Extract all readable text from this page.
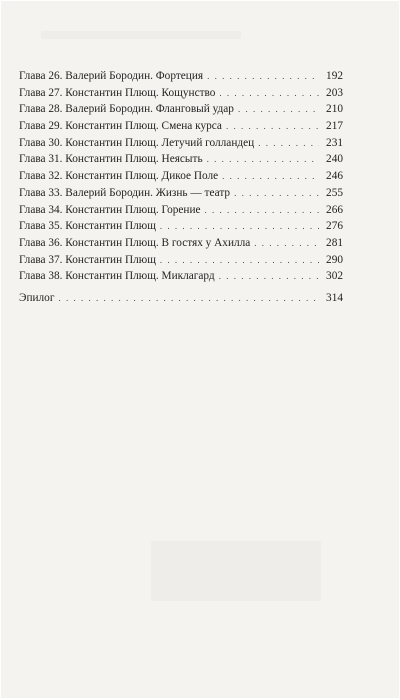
Глава 26. Валерий Бородин. Фортеция . . .	192
Глава 27. Константин Плющ. Кощунство . . .	203
Глава 28. Валерий Бородин. Фланговый удар . . .	210
Глава 29. Константин Плющ. Смена курса . . .	217
Глава 30. Константин Плющ. Летучий голландец . . .	231
Глава 31. Константин Плющ. Неясыть . . .	240
Глава 32. Константин Плющ. Дикое Поле . . .	246
Глава 33. Валерий Бородин. Жизнь — театр . . .	255
Глава 34. Константин Плющ. Горение . . .	266
Глава 35. Константин Плющ . . .	276
Глава 36. Константин Плющ. В гостях у Ахилла . . .	281
Глава 37. Константин Плющ . . .	290
Глава 38. Константин Плющ. Миклагард . . .	302
Эпилог . . .	314
